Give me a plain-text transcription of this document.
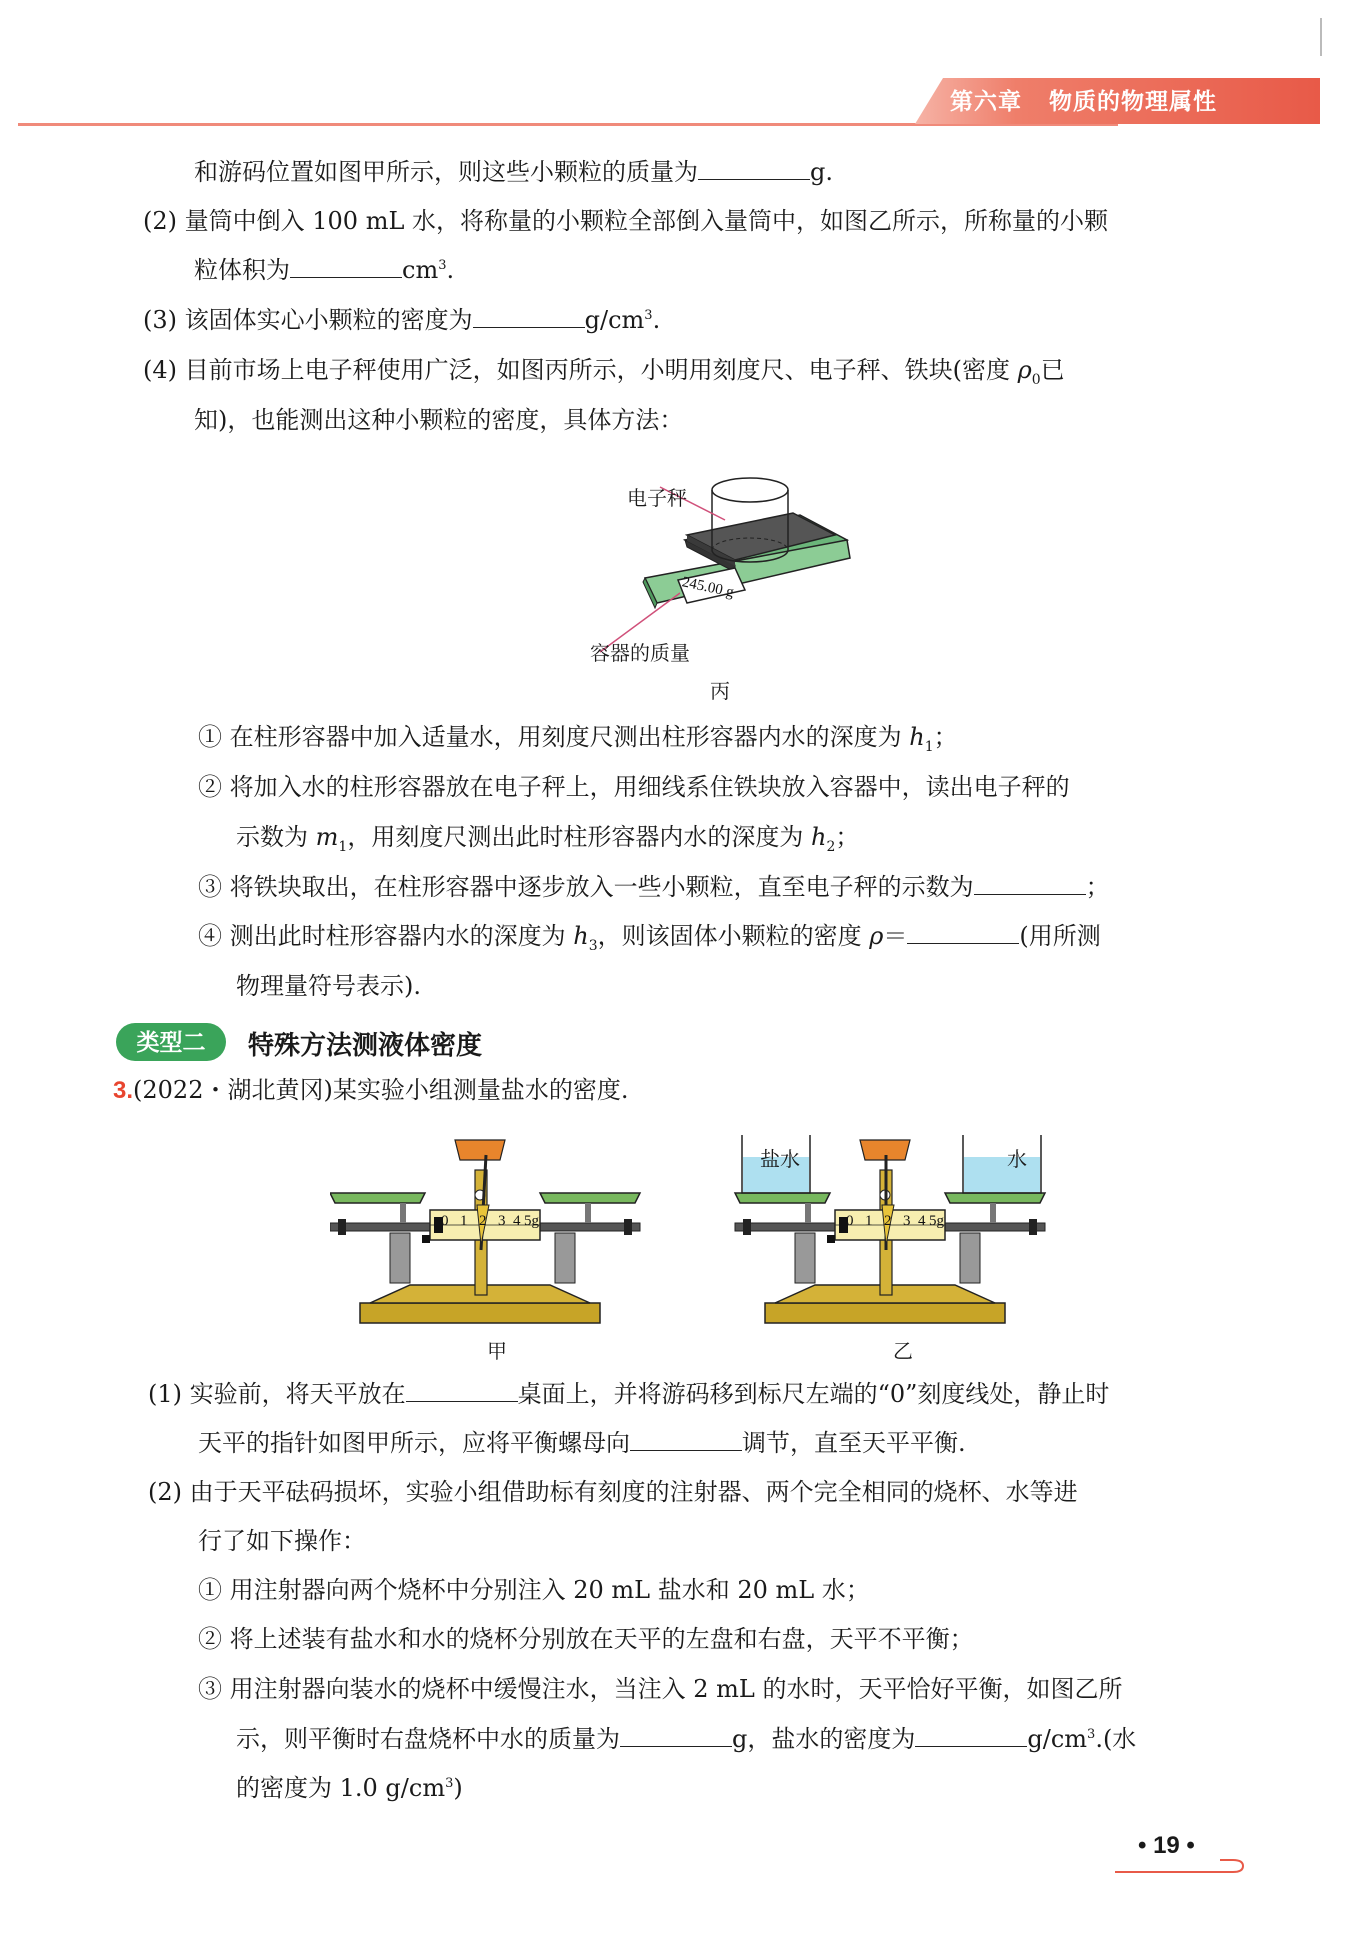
第六章 物质的物理属性
和游码位置如图甲所示，则这些小颗粒的质量为	g.
(2) 量筒中倒入 100 mL 水，将称量的小颗粒全部倒入量筒中，如图乙所示，所称量的小颗
粒体积为	$cm^3$.
(3) 该固体实心小颗粒的密度为	$g/cm^3$.
(4) 目前市场上电子秤使用广泛，如图丙所示，小明用刻度尺、电子秤、铁块(密度 $\rho_0$已
知)，也能测出这种小颗粒的密度，具体方法：
245.00 g
电子秤
容器的质量
丙
① 在柱形容器中加入适量水，用刻度尺测出柱形容器内水的深度为 $h_1$；
② 将加入水的柱形容器放在电子秤上，用细线系住铁块放入容器中，读出电子秤的
示数为 $m_1$，用刻度尺测出此时柱形容器内水的深度为 $h_2$；
③ 将铁块取出，在柱形容器中逐步放入一些小颗粒，直至电子秤的示数为	；
④ 测出此时柱形容器内水的深度为 $h_3$，则该固体小颗粒的密度 ρ＝	(用所测
物理量符号表示).
类型二 特殊方法测液体密度
3.(2022・湖北黄冈)某实验小组测量盐水的密度.
0 1 2 3 4 5g	0 1 2 3 4 5g
盐水	水
甲	乙
(1) 实验前，将天平放在	桌面上，并将游码移到标尺左端的“0”刻度线处，静止时
天平的指针如图甲所示，应将平衡螺母向	调节，直至天平平衡.
(2) 由于天平砝码损坏，实验小组借助标有刻度的注射器、两个完全相同的烧杯、水等进
行了如下操作：
① 用注射器向两个烧杯中分别注入 20 mL 盐水和 20 mL 水；
② 将上述装有盐水和水的烧杯分别放在天平的左盘和右盘，天平不平衡；
③ 用注射器向装水的烧杯中缓慢注水，当注入 2 mL 的水时，天平恰好平衡，如图乙所
示，则平衡时右盘烧杯中水的质量为	g，盐水的密度为	$g/cm^3$.(水
的密度为 1.0 $g/cm^3$)
• 19 •
